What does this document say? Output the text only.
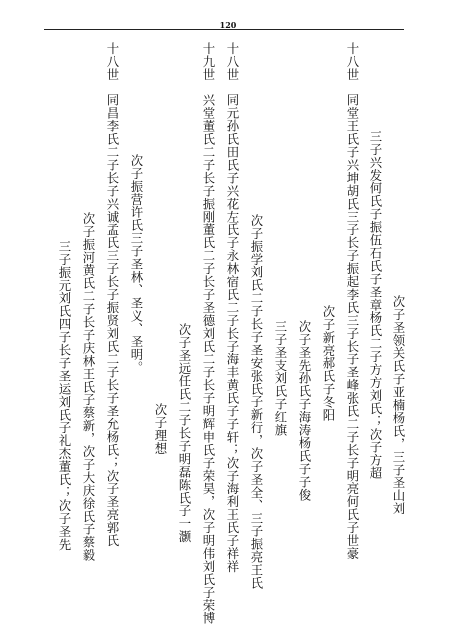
120
十八世　同堂王氏子兴坤胡氏三子长子振起李氏三子长子圣峰张氏二子长子明亮何氏子世豪 三子兴发何氏子振伍石氏子圣章杨氏二子方方刘氏；次子方超 次子圣领关氏子亚楠杨氏，三子圣山刘
次子新亮郝氏子冬阳
十八世　同元孙氏田氏子兴花左氏子永林宿氏二子长子海丰黄氏子子轩；次子海利王氏子祥祥 次子振学刘氏二子长子圣安张氏子新行，次子圣全、三子振亮王氏 三子圣支刘氏子红旗 次子圣先孙氏子海涛杨氏子子俊
十九世　兴堂董氏二子长子振刚董氏二子长子圣德刘氏二子长子明辉申氏子荣昊，次子明伟刘氏子荣博
次子圣远任氏二子长子明磊陈氏子一灏
次子理想
十八世　同昌李氏二子长子兴诚孟氏三子长子振贤刘氏二子长子圣允杨氏；次子圣亮郭氏 次子振营许氏三子圣林、圣义、圣明。
次子振河黄氏二子长子庆林王氏子蔡新，次子大庆徐氏子蔡毅
三子振元刘氏四子长子圣运刘氏子礼杰董氏；次子圣先
